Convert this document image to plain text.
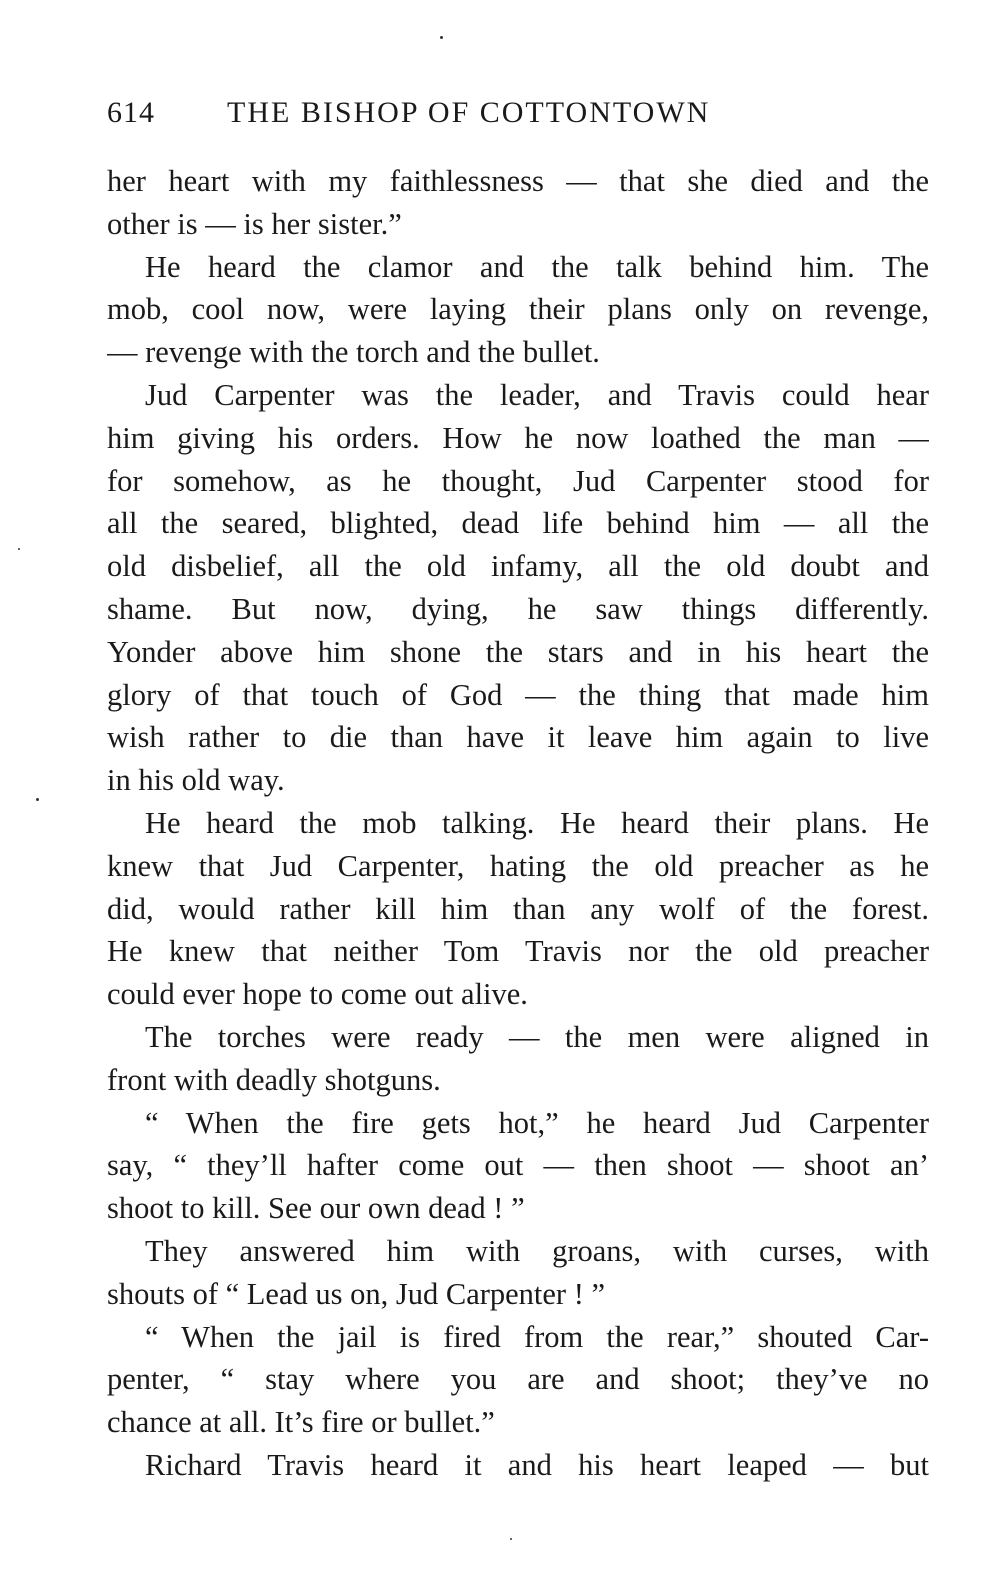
614	THE BISHOP OF COTTONTOWN
her heart with my faithlessness — that she died and the
other is — is her sister.”
He heard the clamor and the talk behind him. The
mob, cool now, were laying their plans only on revenge,
— revenge with the torch and the bullet.
Jud Carpenter was the leader, and Travis could hear
him giving his orders. How he now loathed the man —
for somehow, as he thought, Jud Carpenter stood for
all the seared, blighted, dead life behind him — all the
old disbelief, all the old infamy, all the old doubt and
shame. But now, dying, he saw things differently.
Yonder above him shone the stars and in his heart the
glory of that touch of God — the thing that made him
wish rather to die than have it leave him again to live
in his old way.
He heard the mob talking. He heard their plans. He
knew that Jud Carpenter, hating the old preacher as he
did, would rather kill him than any wolf of the forest.
He knew that neither Tom Travis nor the old preacher
could ever hope to come out alive.
The torches were ready — the men were aligned in
front with deadly shotguns.
“ When the fire gets hot,” he heard Jud Carpenter
say, “ they’ll hafter come out — then shoot — shoot an’
shoot to kill. See our own dead ! ”
They answered him with groans, with curses, with
shouts of “ Lead us on, Jud Carpenter ! ”
“ When the jail is fired from the rear,” shouted Car-
penter, “ stay where you are and shoot; they’ve no
chance at all. It’s fire or bullet.”
Richard Travis heard it and his heart leaped — but
